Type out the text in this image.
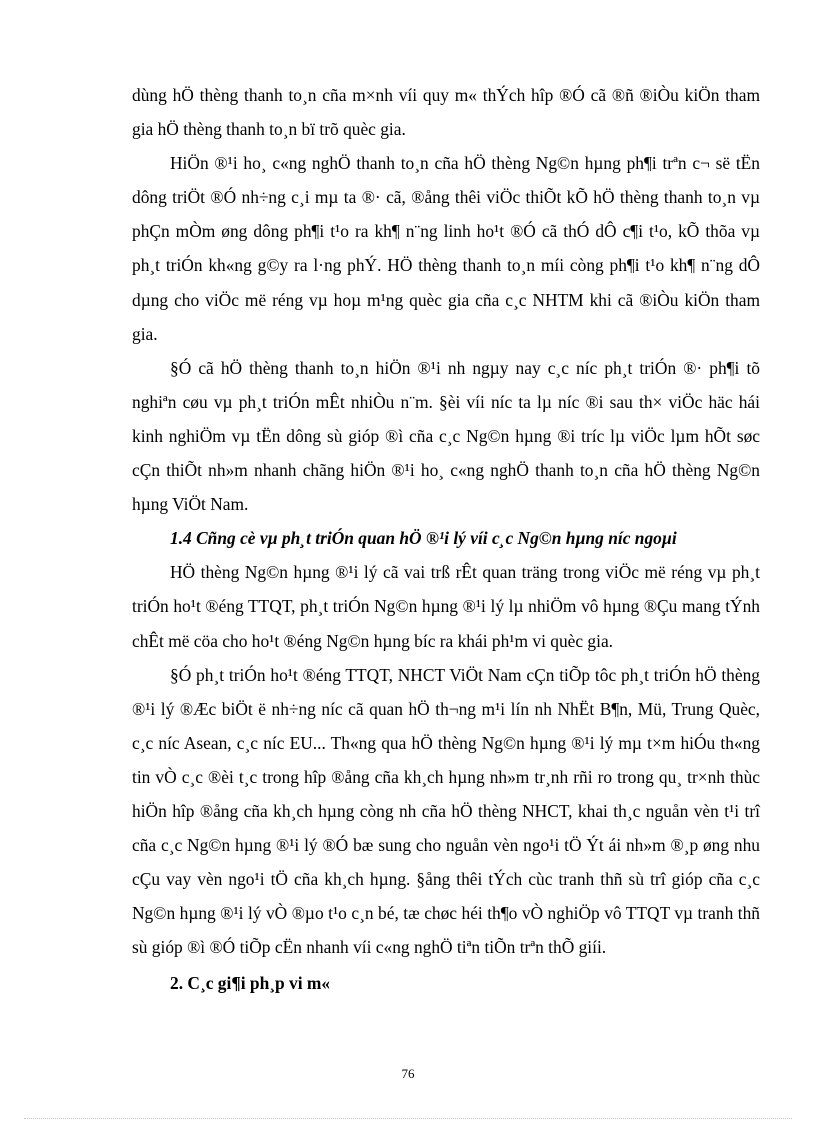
dùng hÖ thèng thanh to¸n cña m×nh víi quy m« thÝch hîp ®Ó cã ®ñ ®iÒu kiÖn tham gia hÖ thèng thanh to¸n bï trõ quèc gia.

HiÖn ®¹i ho¸ c«ng nghÖ thanh to¸n cña hÖ thèng Ng©n hµng ph¶i trªn c¬ së tËn dông triÖt ®Ó nh÷ng c¸i mµ ta ®· cã, ®ång thêi viÖc thiÕt kÕ hÖ thèng thanh to¸n vµ phÇn mÒm øng dông ph¶i t¹o ra kh¶ n¨ng linh ho¹t ®Ó cã thÓ dÔ c¶i t¹o, kÕ thõa vµ ph¸t triÓn kh«ng g©y ra l·ng phÝ. HÖ thèng thanh to¸n míi còng ph¶i t¹o kh¶ n¨ng dÔ dµng cho viÖc më réng vµ hoµ m¹ng quèc gia cña c¸c NHTM khi cã ®iÒu kiÖn tham gia.

§Ó cã hÖ thèng thanh to¸n hiÖn ®¹i nh ngµy nay c¸c níc ph¸t triÓn ®· ph¶i tõ nghiªn cøu vµ ph¸t triÓn mÊt nhiÒu n¨m. §èi víi níc ta lµ níc ®i sau th× viÖc häc hái kinh nghiÖm vµ tËn dông sù gióp ®ì cña c¸c Ng©n hµng ®i tríc lµ viÖc lµm hÕt søc cÇn thiÕt nh»m nhanh chãng hiÖn ®¹i ho¸ c«ng nghÖ thanh to¸n cña hÖ thèng Ng©n hµng ViÖt Nam.

1.4 Cñng cè vµ ph¸t triÓn quan hÖ ®¹i lý víi c¸c Ng©n hµng níc ngoµi

HÖ thèng Ng©n hµng ®¹i lý cã vai trß rÊt quan träng trong viÖc më réng vµ ph¸t triÓn ho¹t ®éng TTQT, ph¸t triÓn Ng©n hµng ®¹i lý lµ nhiÖm vô hµng ®Çu mang tÝnh chÊt më cöa cho ho¹t ®éng Ng©n hµng bíc ra khái ph¹m vi quèc gia.

§Ó ph¸t triÓn ho¹t ®éng TTQT, NHCT ViÖt Nam cÇn tiÕp tôc ph¸t triÓn hÖ thèng ®¹i lý ®Æc biÖt ë nh÷ng níc cã quan hÖ th¬ng m¹i lín nh NhËt B¶n, Mü, Trung Quèc, c¸c níc Asean, c¸c níc EU... Th«ng qua hÖ thèng Ng©n hµng ®¹i lý mµ t×m hiÓu th«ng tin vÒ c¸c ®èi t¸c trong hîp ®ång cña kh¸ch hµng nh»m tr¸nh rñi ro trong qu¸ tr×nh thùc hiÖn hîp ®ång cña kh¸ch hµng còng nh cña hÖ thèng NHCT, khai th¸c nguån vèn t¹i trî cña c¸c Ng©n hµng ®¹i lý ®Ó bæ sung cho nguån vèn ngo¹i tÖ Ýt ái nh»m ®¸p øng nhu cÇu vay vèn ngo¹i tÖ cña kh¸ch hµng. §ång thêi tÝch cùc tranh thñ sù trî gióp cña c¸c Ng©n hµng ®¹i lý vÒ ®µo t¹o c¸n bé, tæ chøc héi th¶o vÒ nghiÖp vô TTQT vµ tranh thñ sù gióp ®ì ®Ó tiÕp cËn nhanh víi c«ng nghÖ tiªn tiÕn trªn thÕ giíi.

2. C¸c gi¶i ph¸p vi m«
76
